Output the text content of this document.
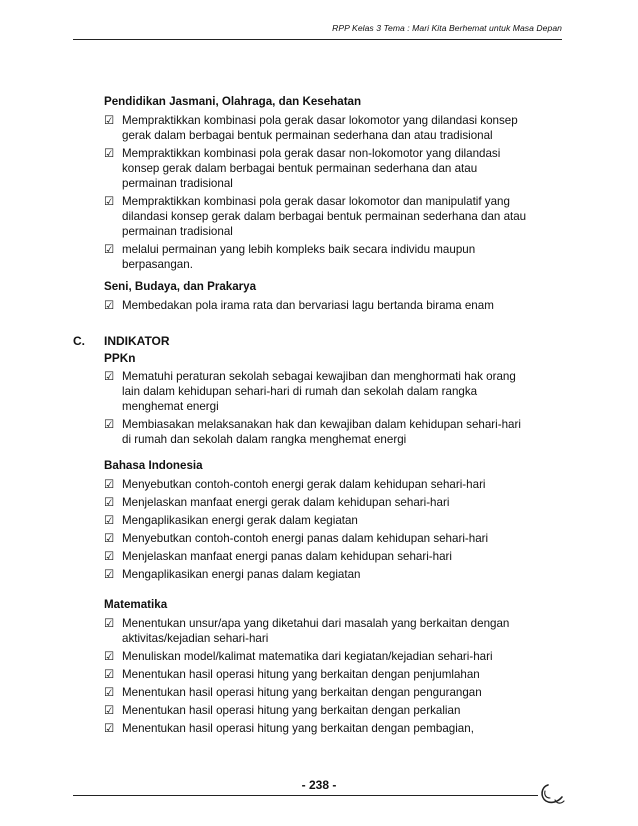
RPP Kelas 3 Tema : Mari Kita Berhemat untuk Masa Depan
Pendidikan Jasmani, Olahraga, dan Kesehatan
☑ Mempraktikkan kombinasi pola gerak dasar lokomotor yang dilandasi konsep
gerak dalam berbagai bentuk permainan sederhana dan atau tradisional
☑ Mempraktikkan kombinasi pola gerak dasar non-lokomotor yang dilandasi
konsep gerak dalam berbagai bentuk permainan sederhana dan atau
permainan tradisional
☑ Mempraktikkan kombinasi pola gerak dasar lokomotor dan manipulatif yang
dilandasi konsep gerak dalam berbagai bentuk permainan sederhana dan atau
permainan tradisional
☑ melalui permainan yang lebih kompleks baik secara individu maupun
berpasangan.
Seni, Budaya, dan Prakarya
☑ Membedakan pola irama rata dan bervariasi lagu bertanda birama enam
C. INDIKATOR
PPKn
☑ Mematuhi peraturan sekolah sebagai kewajiban dan menghormati hak orang
lain dalam kehidupan sehari-hari di rumah dan sekolah dalam rangka
menghemat energi
☑ Membiasakan melaksanakan hak dan kewajiban dalam kehidupan sehari-hari
di rumah dan sekolah dalam rangka menghemat energi
Bahasa Indonesia
☑ Menyebutkan contoh-contoh energi gerak dalam kehidupan sehari-hari
☑ Menjelaskan manfaat energi gerak dalam kehidupan sehari-hari
☑ Mengaplikasikan energi gerak dalam kegiatan
☑ Menyebutkan contoh-contoh energi panas dalam kehidupan sehari-hari
☑ Menjelaskan manfaat energi panas dalam kehidupan sehari-hari
☑ Mengaplikasikan energi panas dalam kegiatan
Matematika
☑ Menentukan unsur/apa yang diketahui dari masalah yang berkaitan dengan
aktivitas/kejadian sehari-hari
☑ Menuliskan model/kalimat matematika dari kegiatan/kejadian sehari-hari
☑ Menentukan hasil operasi hitung yang berkaitan dengan penjumlahan
☑ Menentukan hasil operasi hitung yang berkaitan dengan pengurangan
☑ Menentukan hasil operasi hitung yang berkaitan dengan perkalian
☑ Menentukan hasil operasi hitung yang berkaitan dengan pembagian,
- 238 -
